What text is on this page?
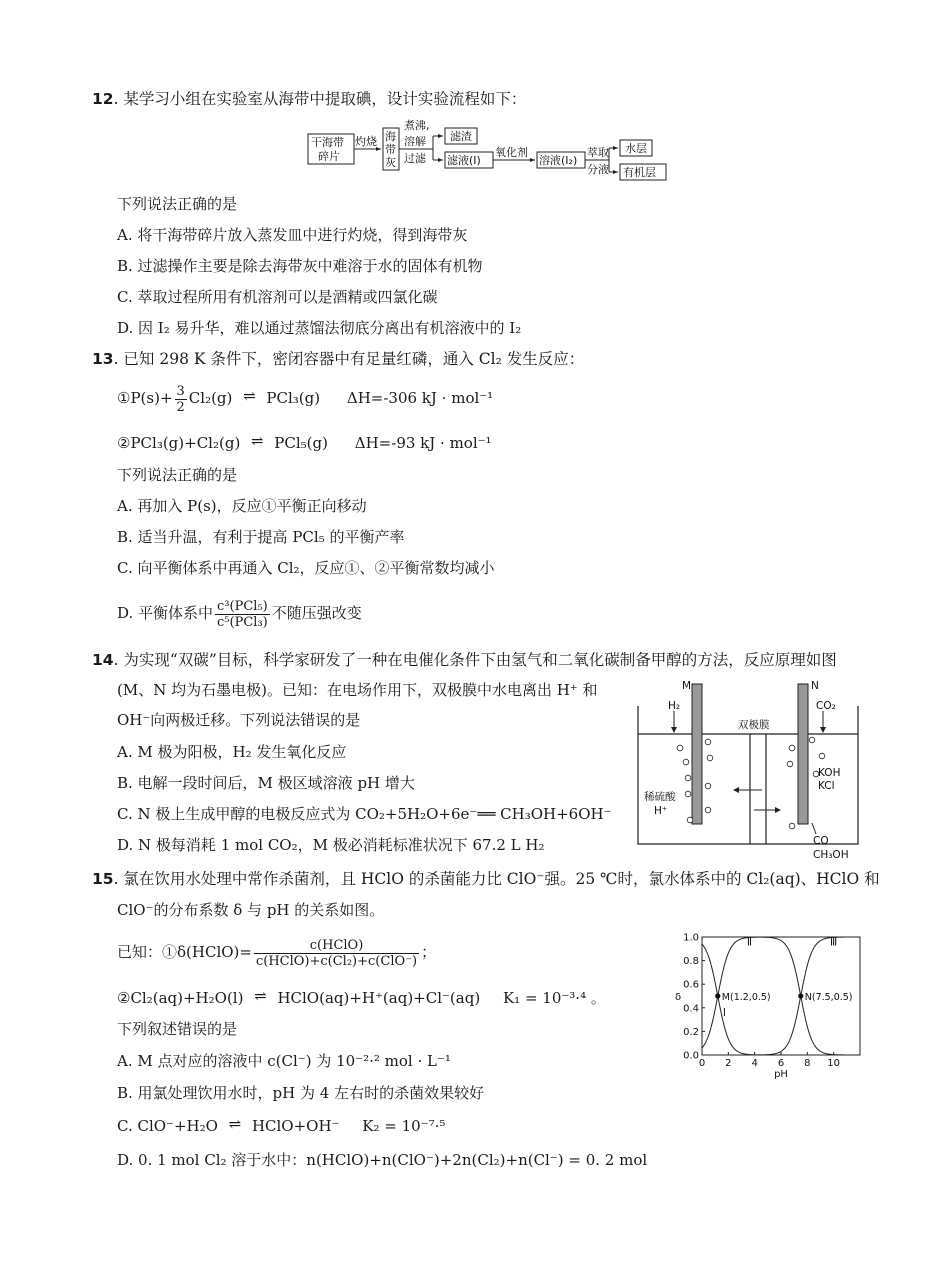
12. 某学习小组在实验室从海带中提取碘，设计实验流程如下：
干海带
碎片
灼烧 海
带
灰
煮沸,
溶解
过滤
滤渣
滤液(Ⅰ)
氧化剂
溶液(I₂)
萃取
分液
水层
有机层
下列说法正确的是
A. 将干海带碎片放入蒸发皿中进行灼烧，得到海带灰
B. 过滤操作主要是除去海带灰中难溶于水的固体有机物
C. 萃取过程所用有机溶剂可以是酒精或四氯化碳
D. 因 I₂ 易升华，难以通过蒸馏法彻底分离出有机溶液中的 I₂
13. 已知 298 K 条件下，密闭容器中有足量红磷，通入 Cl₂ 发生反应：
①P(s)+ $\frac{3}{2} Cl_2(g)$ ⇌ PCl₃(g) ΔH=-306 kJ · mol⁻¹
②PCl₃(g)+Cl₂(g) ⇌ PCl₅(g) ΔH=-93 kJ · mol⁻¹
下列说法正确的是
A. 再加入 P(s)，反应①平衡正向移动
B. 适当升温，有利于提高 PCl₅ 的平衡产率
C. 向平衡体系中再通入 Cl₂，反应①、②平衡常数均减小
D. 平衡体系中 $\frac{\text{c³(PCl₅)}}{\text{c⁵(PCl₃)}}$ 不随压强改变
14. 为实现“双碳”目标，科学家研发了一种在电催化条件下由氢气和二氧化碳制备甲醇的方法，反应原理如图
(M、N 均为石墨电极)。已知：在电场作用下，双极膜中水电离出 H⁺ 和
OH⁻向两极迁移。下列说法错误的是
A. M 极为阳极，H₂ 发生氧化反应
B. 电解一段时间后，M 极区域溶液 pH 增大
C. N 极上生成甲醇的电极反应式为 CO₂+5H₂O+6e⁻══ CH₃OH+6OH⁻
D. N 极每消耗 1 mol CO₂，M 极必消耗标准状况下 67.2 L H₂
M	N
H₂	CO₂
双极膜
稀硫酸
H⁺
KOH
KCl
CO
CH₃OH
15. 氯在饮用水处理中常作杀菌剂，且 HClO 的杀菌能力比 ClO⁻强。25 ℃时，氯水体系中的 Cl₂(aq)、HClO 和
ClO⁻的分布系数 δ 与 pH 的关系如图。
已知：①δ(HClO)= $\frac{\text{c(HClO)}}{\text{c(HClO)+c(Cl₂)+c(ClO⁻)}}$ ；
②Cl₂(aq)+H₂O(l) ⇌ HClO(aq)+H⁺(aq)+Cl⁻(aq) K₁ = 10⁻³·⁴ 。
下列叙述错误的是
A. M 点对应的溶液中 c(Cl⁻) 为 10⁻²·² mol · L⁻¹
B. 用氯处理饮用水时，pH 为 4 左右时的杀菌效果较好
C. ClO⁻+H₂O ⇌ HClO+OH⁻ K₂ = 10⁻⁷·⁵
D. 0. 1 mol Cl₂ 溶于水中：n(HClO)+n(ClO⁻)+2n(Cl₂)+n(Cl⁻) = 0. 2 mol
0 2 4 6 8 10
0.0
0.2
0.4
0.6
0.8
1.0
pH
δ	M(1.2,0.5)	N(7.5,0.5)
Ⅰ
Ⅱ	Ⅲ
